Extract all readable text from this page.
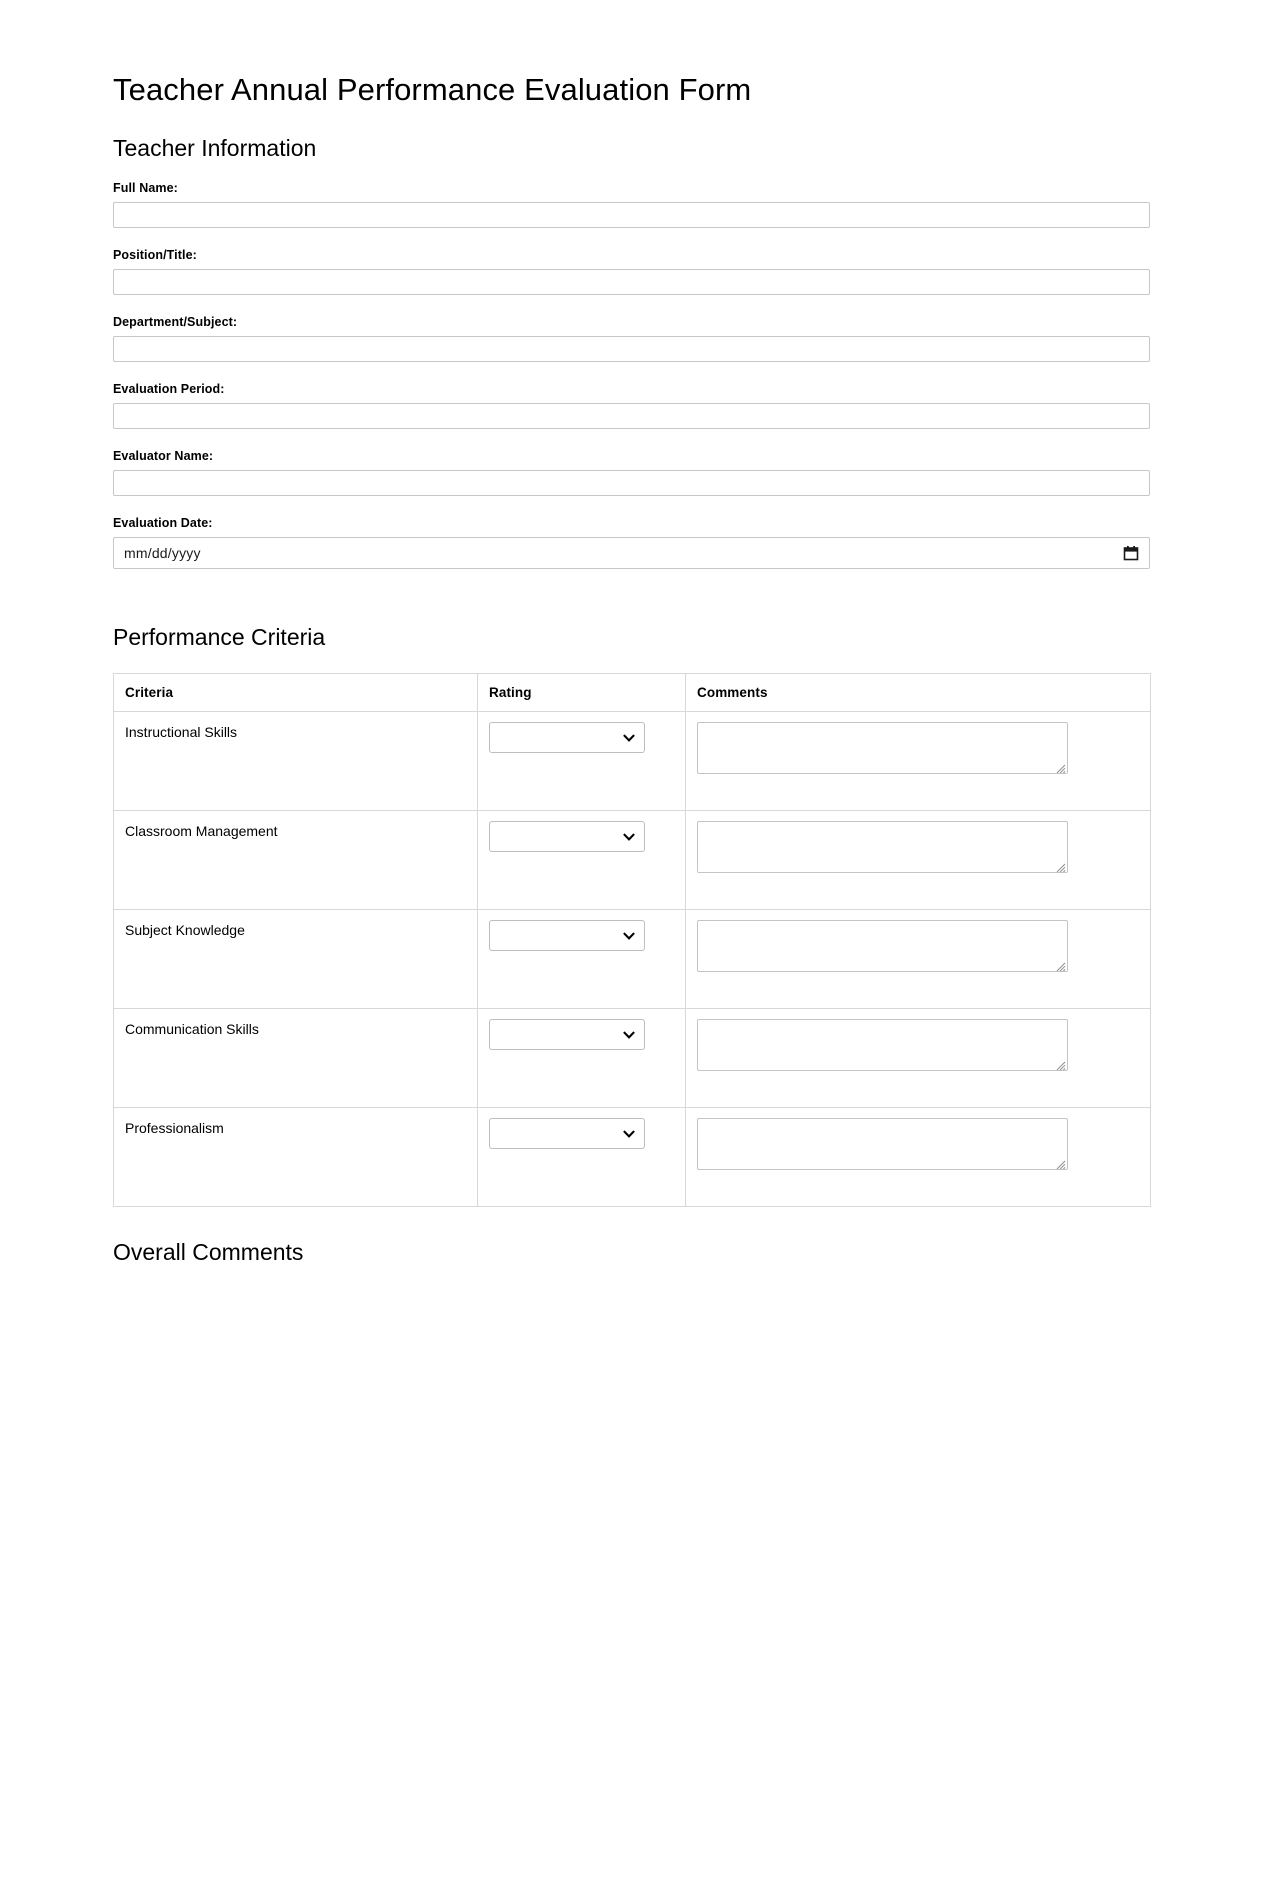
Teacher Annual Performance Evaluation Form
Teacher Information
Full Name:
Position/Title:
Department/Subject:
Evaluation Period:
Evaluator Name:
Evaluation Date:
mm/dd/yyyy
Performance Criteria
Criteria	Rating	Comments
Instructional Skills	

Classroom Management	

Subject Knowledge	

Communication Skills	

Professionalism	

Overall Comments
